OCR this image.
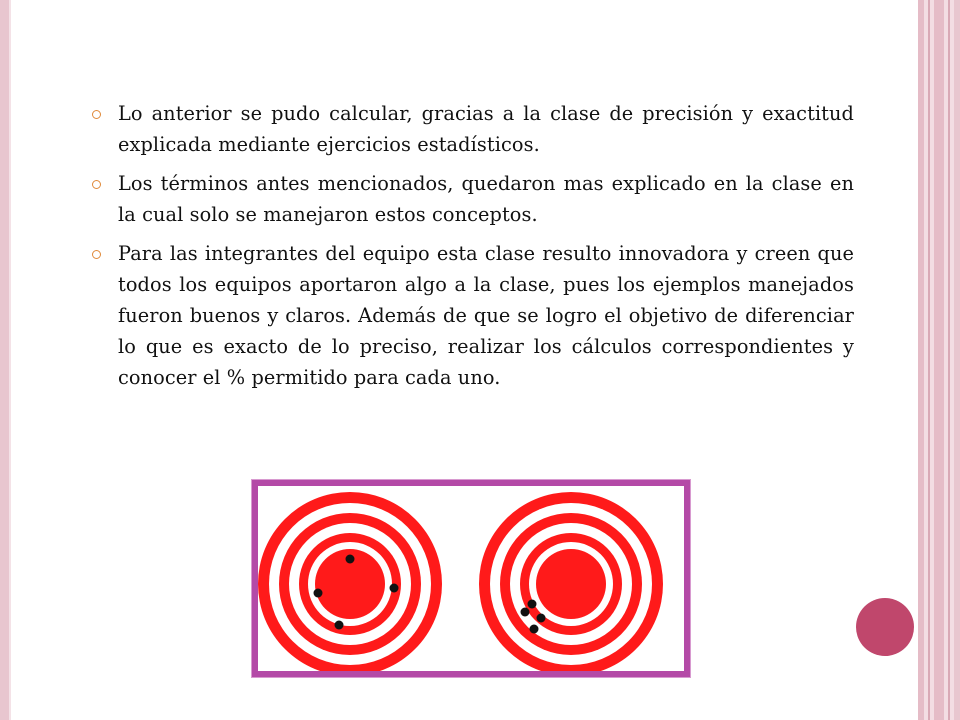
Lo anterior se pudo calcular, gracias a la clase de precisión y exactitud explicada mediante ejercicios estadísticos.
Los términos antes mencionados, quedaron mas explicado en la clase en la cual solo se manejaron estos conceptos.
Para las integrantes del equipo esta clase resulto innovadora y creen que todos los equipos aportaron algo a la clase, pues los ejemplos manejados fueron buenos y claros. Además de que se logro el objetivo de diferenciar lo que es exacto de lo preciso, realizar los cálculos correspondientes y conocer el % permitido para cada uno.
